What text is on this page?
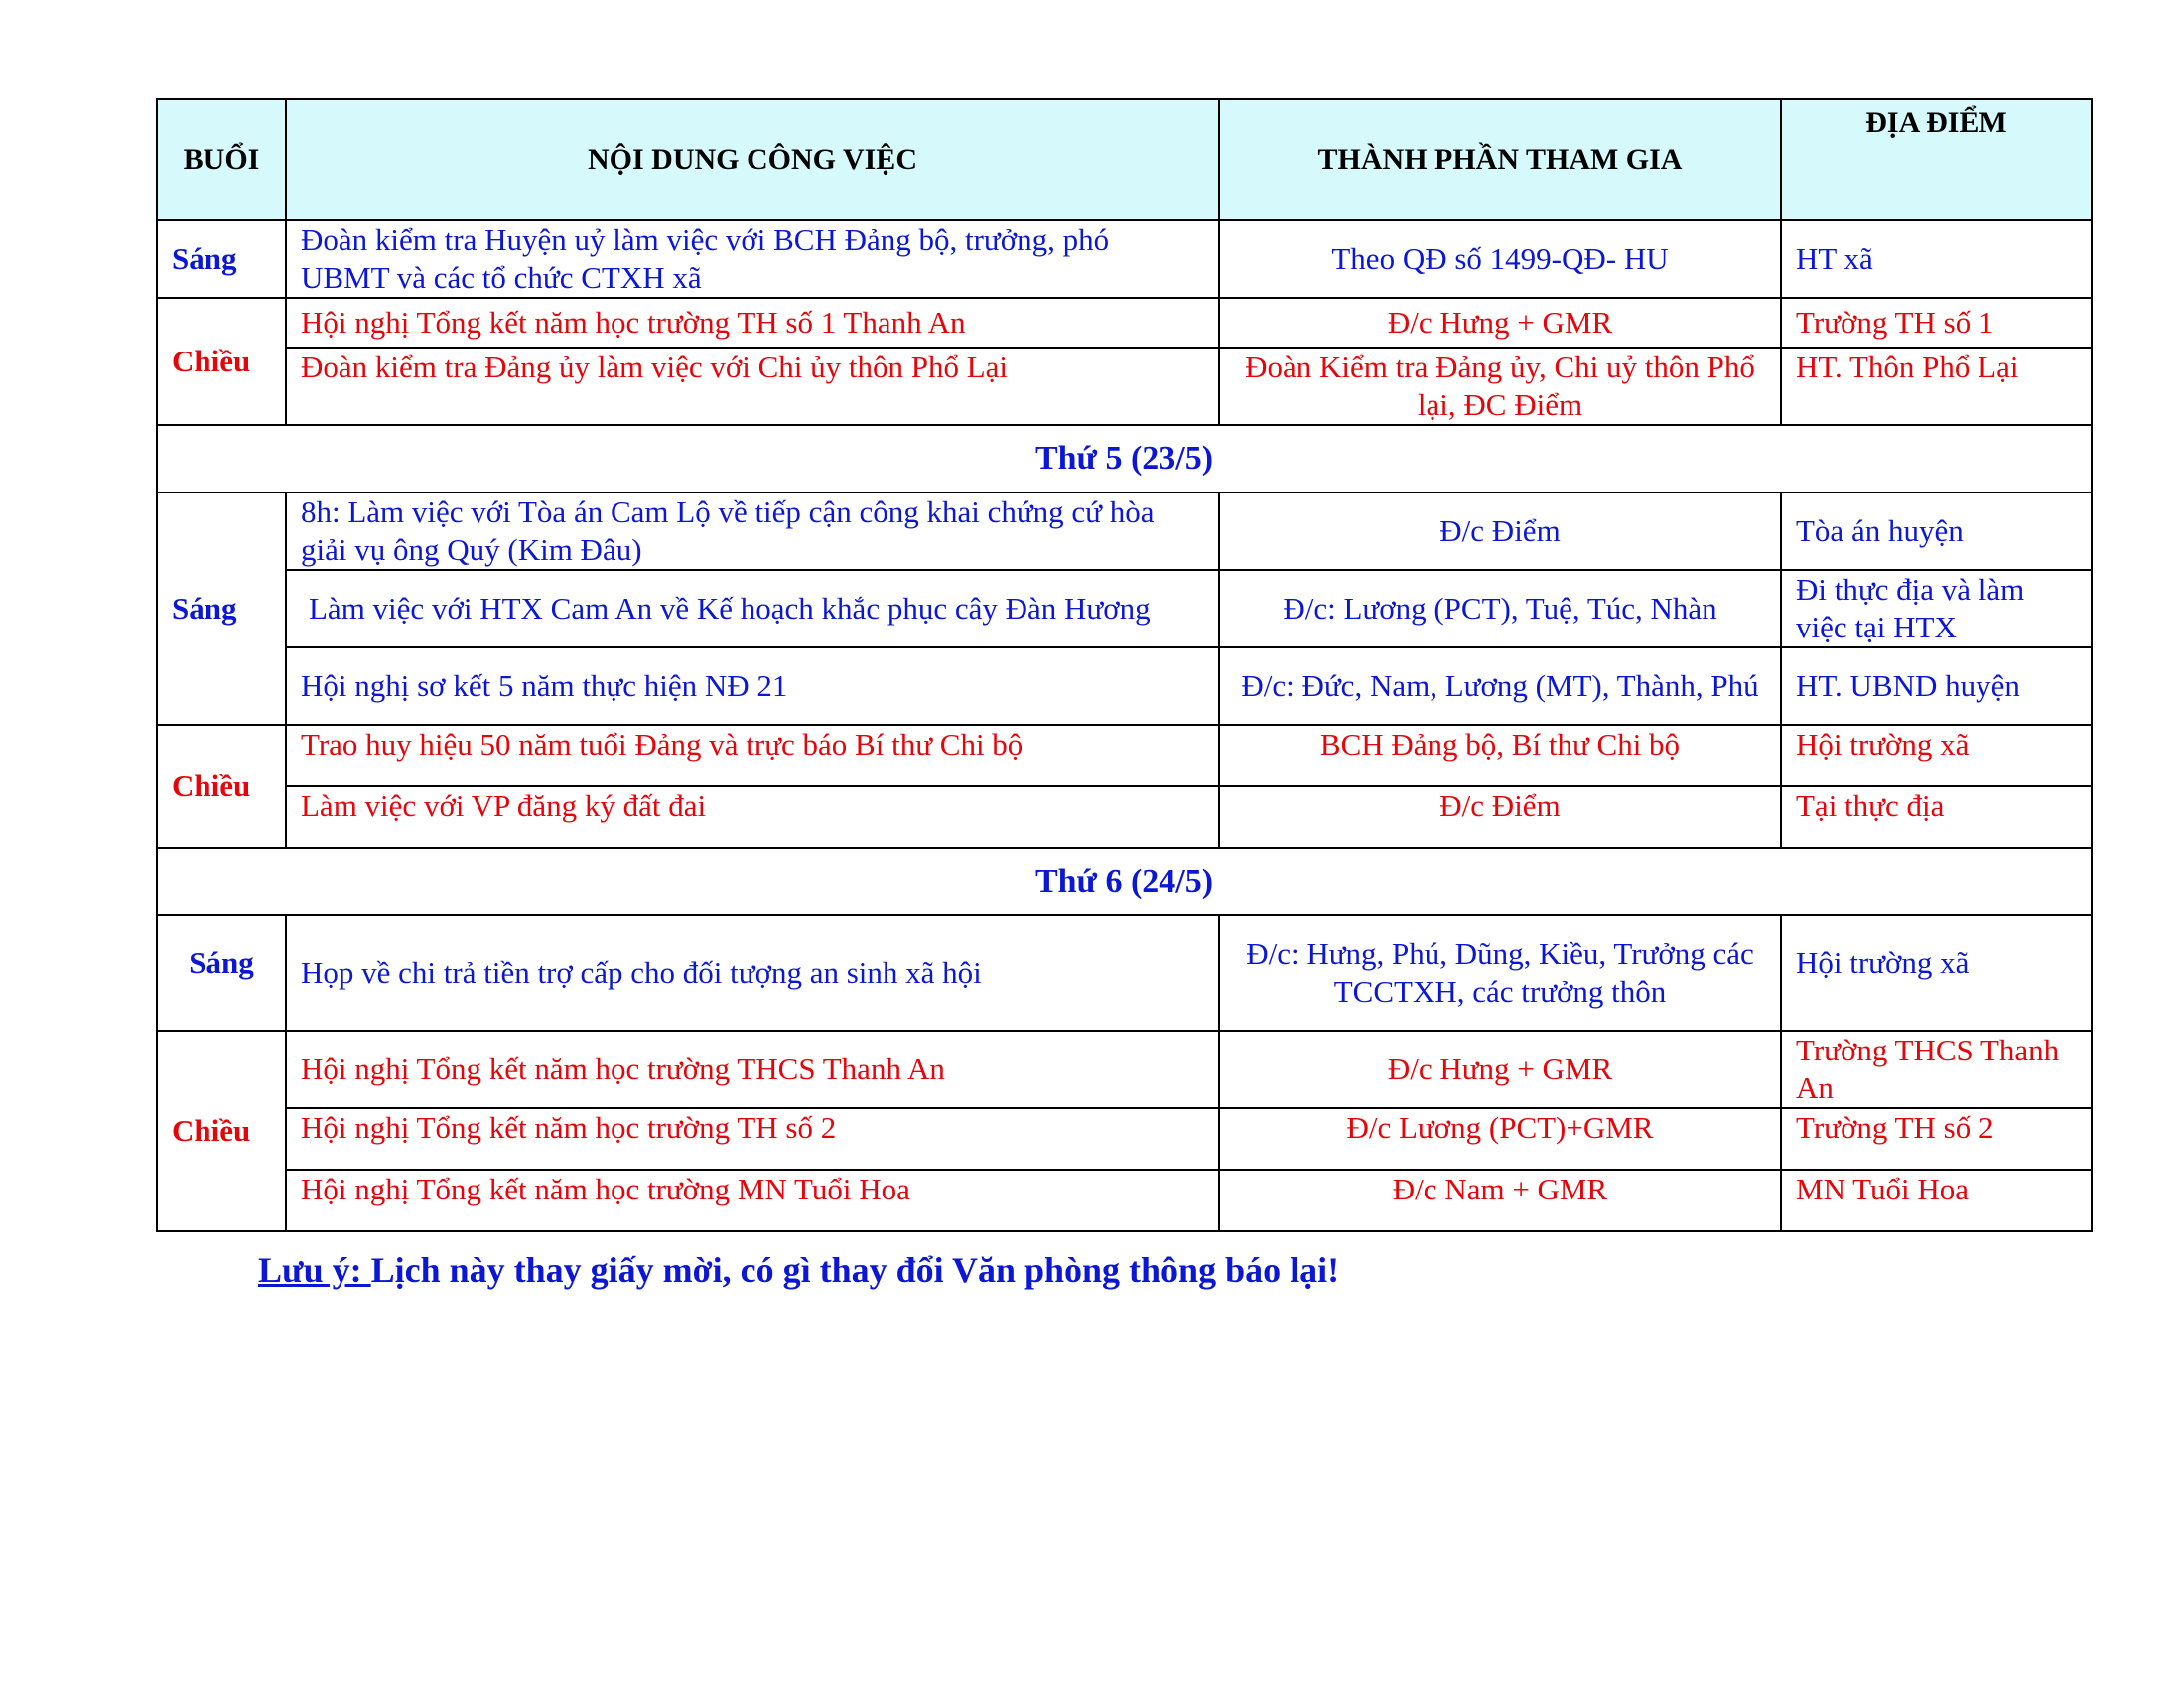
BUỔI	NỘI DUNG CÔNG VIỆC	THÀNH PHẦN THAM GIA	ĐỊA ĐIỂM
Sáng	Đoàn kiểm tra Huyện uỷ làm việc với BCH Đảng bộ, trưởng, phó UBMT và các tổ chức CTXH xã	Theo QĐ số 1499-QĐ- HU	HT xã
Chiều	Hội nghị Tổng kết năm học trường TH số 1 Thanh An	Đ/c Hưng + GMR	Trường TH số 1
	Đoàn kiểm tra Đảng ủy làm việc với Chi ủy thôn Phổ Lại	Đoàn Kiểm tra Đảng ủy, Chi uỷ thôn Phổ lại, ĐC Điểm	HT. Thôn Phổ Lại
Thứ 5 (23/5)			
Sáng	8h: Làm việc với Tòa án Cam Lộ về tiếp cận công khai chứng cứ hòa giải vụ ông Quý (Kim Đâu)	Đ/c Điểm	Tòa án huyện
	Làm việc với HTX Cam An về Kế hoạch khắc phục cây Đàn Hương	Đ/c: Lương (PCT), Tuệ, Túc, Nhàn	Đi thực địa và làm việc tại HTX
	Hội nghị sơ kết 5 năm thực hiện NĐ 21	Đ/c: Đức, Nam, Lương (MT), Thành, Phú	HT. UBND huyện
Chiều	Trao huy hiệu 50 năm tuổi Đảng và trực báo Bí thư Chi bộ	BCH Đảng bộ, Bí thư Chi bộ	Hội trường xã
	Làm việc với VP đăng ký đất đai	Đ/c Điểm	Tại thực địa
Thứ 6 (24/5)			
Sáng	Họp về chi trả tiền trợ cấp cho đối tượng an sinh xã hội	Đ/c: Hưng, Phú, Dũng, Kiều, Trưởng các TCCTXH, các trưởng thôn	Hội trường xã
Chiều	Hội nghị Tổng kết năm học trường THCS Thanh An	Đ/c Hưng + GMR	Trường THCS Thanh An
	Hội nghị Tổng kết năm học trường TH số 2	Đ/c Lương (PCT)+GMR	Trường TH số 2
	Hội nghị Tổng kết năm học trường MN Tuổi Hoa	Đ/c Nam + GMR	MN Tuổi Hoa
Lưu ý: Lịch này thay giấy mời, có gì thay đổi Văn phòng thông báo lại!
